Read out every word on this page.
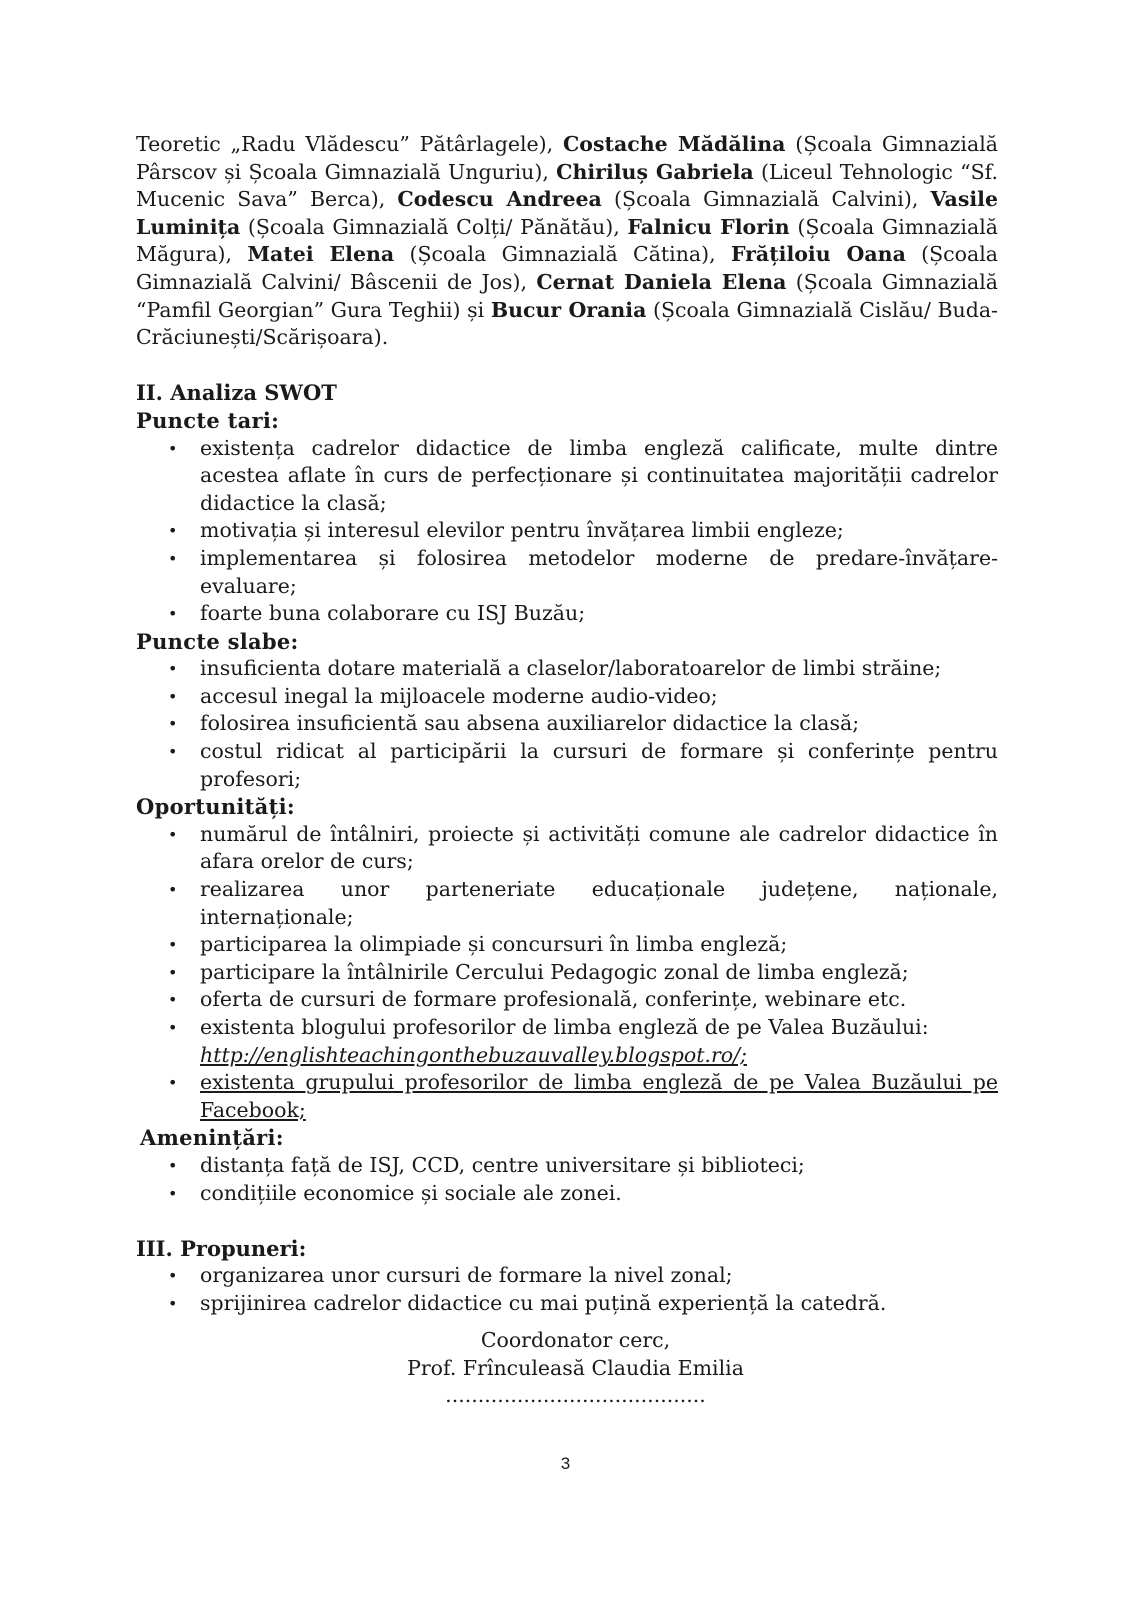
Teoretic „Radu Vlădescu” Pătârlagele), Costache Mădălina (Școala Gimnazială Pârscov și Școala Gimnazială Unguriu), Chiriluș Gabriela (Liceul Tehnologic “Sf. Mucenic Sava” Berca), Codescu Andreea (Școala Gimnazială Calvini), Vasile Luminița (Școala Gimnazială Colți/ Pănătău), Falnicu Florin (Școala Gimnazială Măgura), Matei Elena (Școala Gimnazială Cătina), Frățiloiu Oana (Școala Gimnazială Calvini/ Bâscenii de Jos), Cernat Daniela Elena (Școala Gimnazială “Pamfil Georgian” Gura Teghii) și Bucur Orania (Școala Gimnazială Cislău/ Buda-Crăciunești/Scărișoara).

II. Analiza SWOT
Puncte tari:
• existența cadrelor didactice de limba engleză calificate, multe dintre acestea aflate în curs de perfecționare și continuitatea majorității cadrelor didactice la clasă;
• motivația și interesul elevilor pentru învățarea limbii engleze;
• implementarea și folosirea metodelor moderne de predare-învățare-evaluare;
• foarte buna colaborare cu ISJ Buzău;
Puncte slabe:
• insuficienta dotare materială a claselor/laboratoarelor de limbi străine;
• accesul inegal la mijloacele moderne audio-video;
• folosirea insuficientă sau absena auxiliarelor didactice la clasă;
• costul ridicat al participării la cursuri de formare și conferințe pentru profesori;
Oportunități:
• numărul de întâlniri, proiecte și activități comune ale cadrelor didactice în afara orelor de curs;
• realizarea unor parteneriate educaționale județene, naționale, internaționale;
• participarea la olimpiade și concursuri în limba engleză;
• participare la întâlnirile Cercului Pedagogic zonal de limba engleză;
• oferta de cursuri de formare profesională, conferințe, webinare etc.
• existenta blogului profesorilor de limba engleză de pe Valea Buzăului:
http://englishteachingonthebuzauvalley.blogspot.ro/;
• existenta grupului profesorilor de limba engleză de pe Valea Buzăului pe Facebook;
Amenințări:
• distanța față de ISJ, CCD, centre universitare și biblioteci;
• condițiile economice și sociale ale zonei.
III. Propuneri:
• organizarea unor cursuri de formare la nivel zonal;
• sprijinirea cadrelor didactice cu mai puțină experiență la catedră.
Coordonator cerc,
Prof. Frînculeasă Claudia Emilia
........................................
3
